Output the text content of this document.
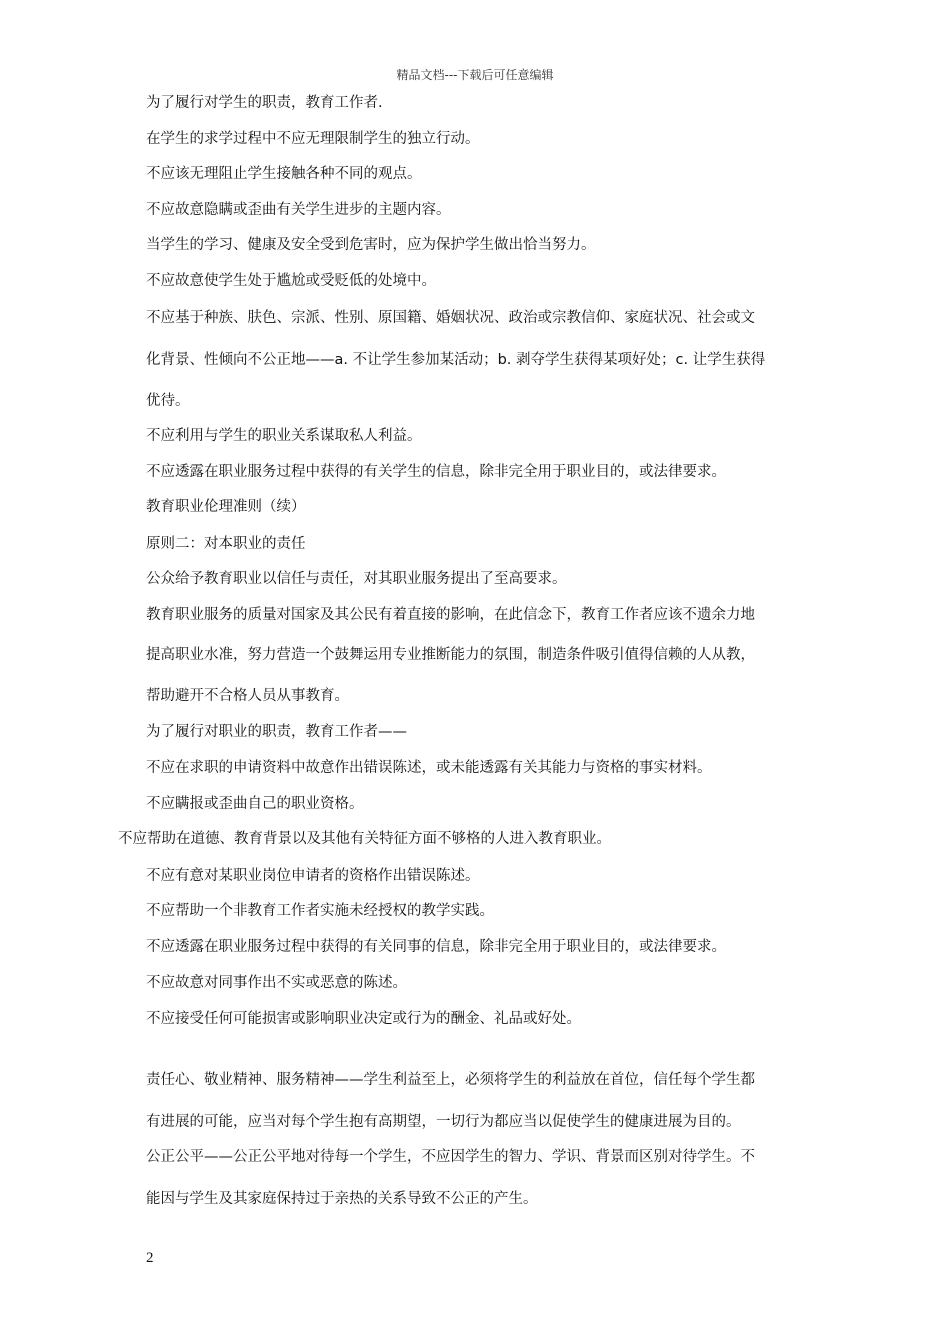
精品文档---下载后可任意编辑
为了履行对学生的职责，教育工作者.
在学生的求学过程中不应无理限制学生的独立行动。
不应该无理阻止学生接触各种不同的观点。
不应故意隐瞒或歪曲有关学生进步的主题内容。
当学生的学习、健康及安全受到危害时，应为保护学生做出恰当努力。
不应故意使学生处于尴尬或受贬低的处境中。
不应基于种族、肤色、宗派、性别、原国籍、婚姻状况、政治或宗教信仰、家庭状况、社会或文
化背景、性倾向不公正地——a. 不让学生参加某活动；b. 剥夺学生获得某项好处；c. 让学生获得
优待。
不应利用与学生的职业关系谋取私人利益。
不应透露在职业服务过程中获得的有关学生的信息，除非完全用于职业目的，或法律要求。
教育职业伦理准则（续）
原则二：对本职业的责任
公众给予教育职业以信任与责任，对其职业服务提出了至高要求。
教育职业服务的质量对国家及其公民有着直接的影响，在此信念下，教育工作者应该不遗余力地
提高职业水准，努力营造一个鼓舞运用专业推断能力的氛围，制造条件吸引值得信赖的人从教，
帮助避开不合格人员从事教育。
为了履行对职业的职责，教育工作者——
不应在求职的申请资料中故意作出错误陈述，或未能透露有关其能力与资格的事实材料。
不应瞒报或歪曲自己的职业资格。
不应帮助在道德、教育背景以及其他有关特征方面不够格的人进入教育职业。
不应有意对某职业岗位申请者的资格作出错误陈述。
不应帮助一个非教育工作者实施未经授权的教学实践。
不应透露在职业服务过程中获得的有关同事的信息，除非完全用于职业目的，或法律要求。
不应故意对同事作出不实或恶意的陈述。
不应接受任何可能损害或影响职业决定或行为的酬金、礼品或好处。
责任心、敬业精神、服务精神——学生利益至上，必须将学生的利益放在首位，信任每个学生都
有进展的可能，应当对每个学生抱有高期望，一切行为都应当以促使学生的健康进展为目的。
公正公平——公正公平地对待每一个学生，不应因学生的智力、学识、背景而区别对待学生。不
能因与学生及其家庭保持过于亲热的关系导致不公正的产生。
2
